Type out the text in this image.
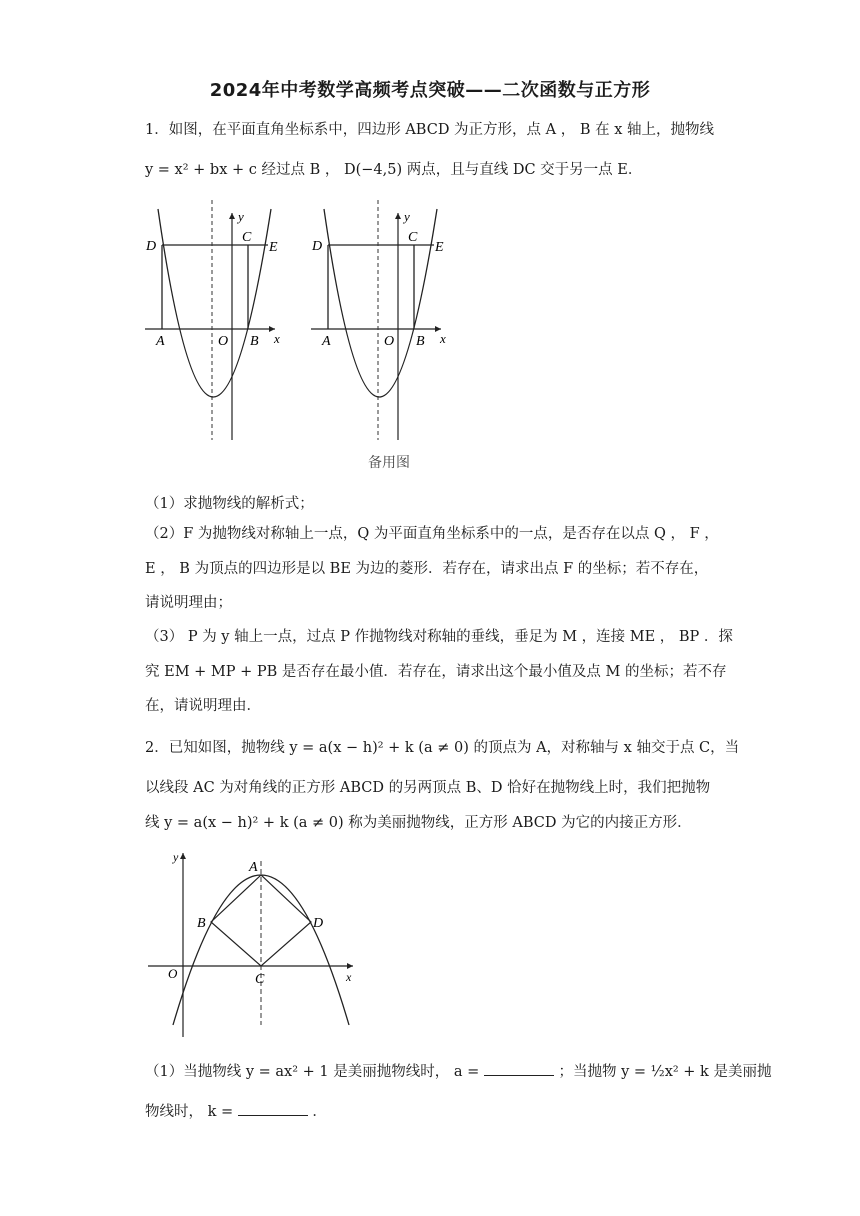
2024年中考数学高频考点突破——二次函数与正方形
1．如图，在平面直角坐标系中，四边形 ABCD 为正方形，点 A ， B 在 x 轴上，抛物线
y = x² + bx + c 经过点 B ， D(−4,5) 两点，且与直线 DC 交于另一点 E．
D
C
E
A	O B x
y
D
C
E
A	O B x
y
备用图
（1）求抛物线的解析式；
（2）F 为抛物线对称轴上一点，Q 为平面直角坐标系中的一点，是否存在以点 Q ， F ，
E ， B 为顶点的四边形是以 BE 为边的菱形．若存在，请求出点 F 的坐标；若不存在，
请说明理由；
（3） P 为 y 轴上一点，过点 P 作抛物线对称轴的垂线，垂足为 M ，连接 ME ， BP ．探
究 EM + MP + PB 是否存在最小值．若存在，请求出这个最小值及点 M 的坐标；若不存
在，请说明理由．
2．已知如图，抛物线 y = a(x − h)² + k (a ≠ 0) 的顶点为 A，对称轴与 x 轴交于点 C，当
以线段 AC 为对角线的正方形 ABCD 的另两顶点 B、D 恰好在抛物线上时，我们把抛物
线 y = a(x − h)² + k (a ≠ 0) 称为美丽抛物线，正方形 ABCD 为它的内接正方形．
y
A
B	D
O	C	x
（1）当抛物线 y = ax² + 1 是美丽抛物线时， a =	；当抛物 y = ½x² + k 是美丽抛
物线时， k =	．
